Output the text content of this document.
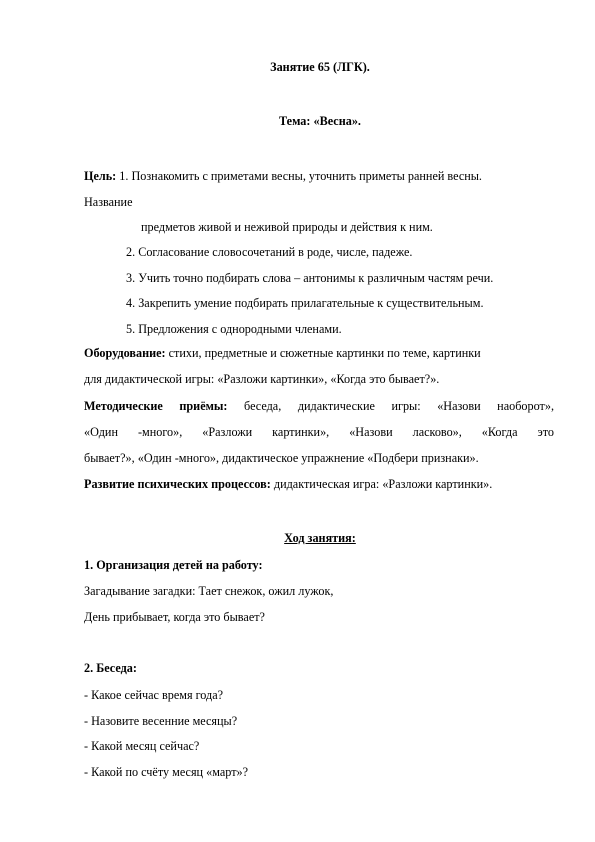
Занятие 65 (ЛГК).
Тема: «Весна».
Цель: 1. Познакомить с приметами весны, уточнить приметы ранней весны.
Название
предметов живой и неживой природы и действия к ним.
2. Согласование словосочетаний в роде, числе, падеже.
3. Учить точно подбирать слова – антонимы к различным частям речи.
4. Закрепить умение подбирать прилагательные к существительным.
5. Предложения с однородными членами.
Оборудование: стихи, предметные и сюжетные картинки по теме, картинки
для дидактической игры: «Разложи картинки», «Когда это бывает?».
Методические приёмы: беседа, дидактические игры: «Назови наоборот»,
«Один -много», «Разложи картинки», «Назови ласково», «Когда это
бывает?», «Один -много», дидактическое упражнение «Подбери признаки».
Развитие психических процессов: дидактическая игра: «Разложи картинки».
Ход занятия:
1. Организация детей на работу:
Загадывание загадки: Тает снежок, ожил лужок,
День прибывает, когда это бывает?
2. Беседа:
- Какое сейчас время года?
- Назовите весенние месяцы?
- Какой месяц сейчас?
- Какой по счёту месяц «март»?
